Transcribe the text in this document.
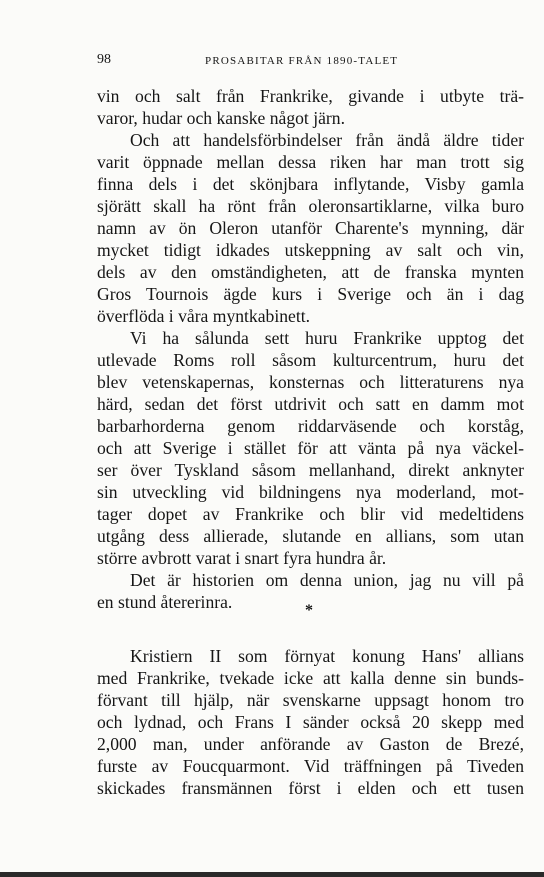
98	PROSABITAR FRÅN 1890-TALET
vin och salt från Frankrike, givande i utbyte trä-
varor, hudar och kanske något järn.
Och att handelsförbindelser från ändå äldre tider
varit öppnade mellan dessa riken har man trott sig
finna dels i det skönjbara inflytande, Visby gamla
sjörätt skall ha rönt från oleronsartiklarne, vilka buro
namn av ön Oleron utanför Charente's mynning, där
mycket tidigt idkades utskeppning av salt och vin,
dels av den omständigheten, att de franska mynten
Gros Tournois ägde kurs i Sverige och än i dag
överflöda i våra myntkabinett.
Vi ha sålunda sett huru Frankrike upptog det
utlevade Roms roll såsom kulturcentrum, huru det
blev vetenskapernas, konsternas och litteraturens nya
härd, sedan det först utdrivit och satt en damm mot
barbarhorderna genom riddarväsende och korståg,
och att Sverige i stället för att vänta på nya väckel-
ser över Tyskland såsom mellanhand, direkt anknyter
sin utveckling vid bildningens nya moderland, mot-
tager dopet av Frankrike och blir vid medeltidens
utgång dess allierade, slutande en allians, som utan
större avbrott varat i snart fyra hundra år.
Det är historien om denna union, jag nu vill på
en stund återerinra.	*
Kristiern II som förnyat konung Hans' allians
med Frankrike, tvekade icke att kalla denne sin bunds-
förvant till hjälp, när svenskarne uppsagt honom tro
och lydnad, och Frans I sänder också 20 skepp med
2,000 man, under anförande av Gaston de Brezé,
furste av Foucquarmont. Vid träffningen på Tiveden
skickades fransmännen först i elden och ett tusen
